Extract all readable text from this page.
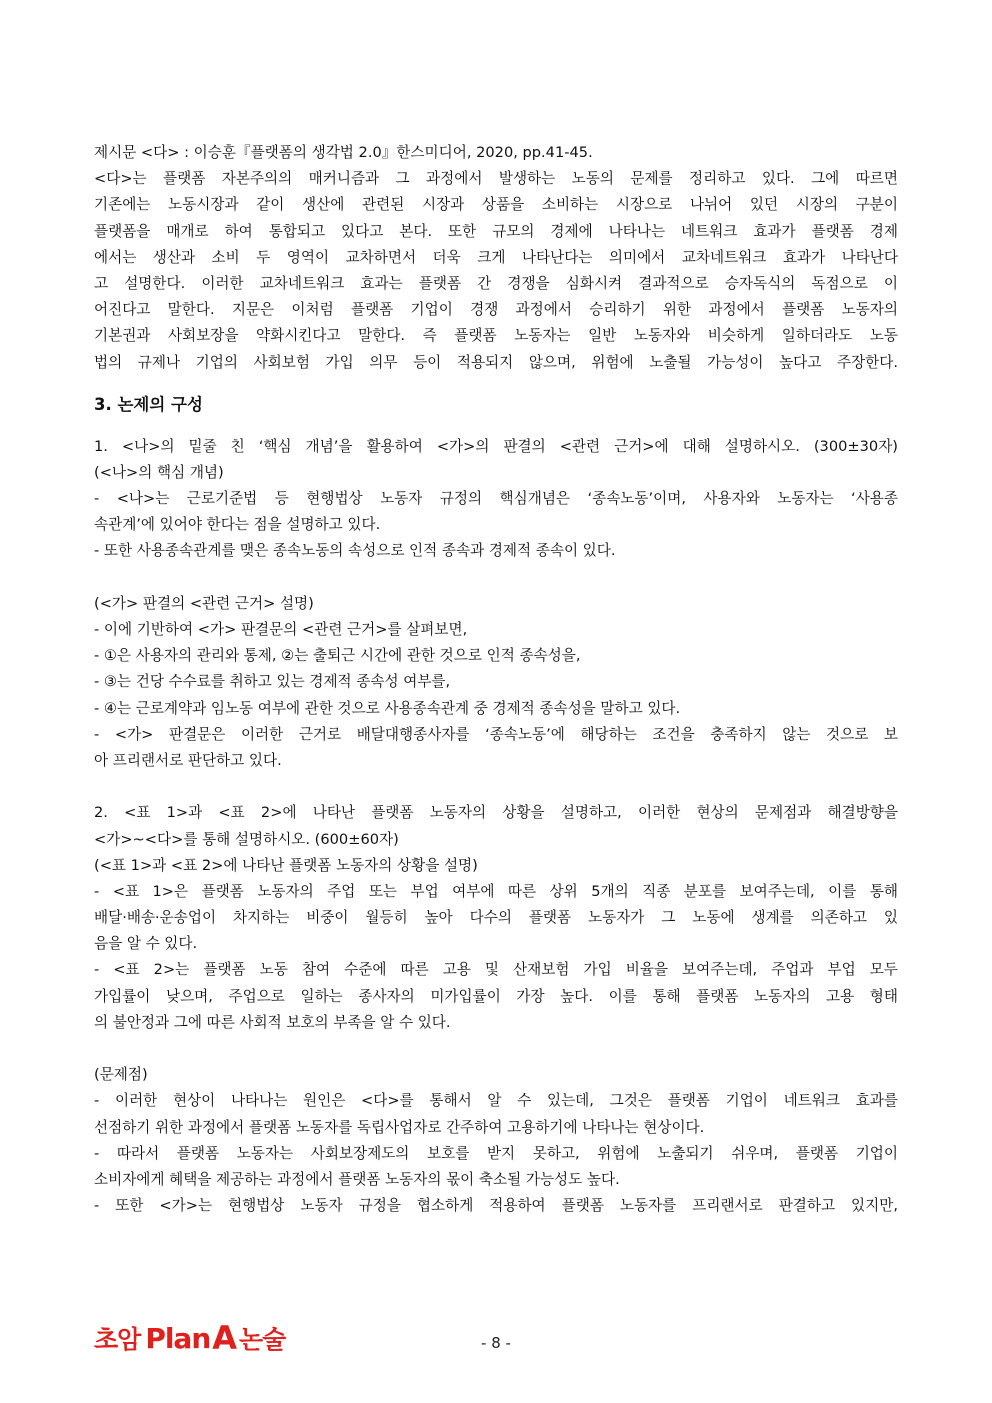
제시문 <다> : 이승훈『플랫폼의 생각법 2.0』한스미디어, 2020, pp.41-45.
<다>는 플랫폼 자본주의의 매커니즘과 그 과정에서 발생하는 노동의 문제를 정리하고 있다. 그에 따르면
기존에는 노동시장과 같이 생산에 관련된 시장과 상품을 소비하는 시장으로 나뉘어 있던 시장의 구분이
플랫폼을 매개로 하여 통합되고 있다고 본다. 또한 규모의 경제에 나타나는 네트워크 효과가 플랫폼 경제
에서는 생산과 소비 두 영역이 교차하면서 더욱 크게 나타난다는 의미에서 교차네트워크 효과가 나타난다
고 설명한다. 이러한 교차네트워크 효과는 플랫폼 간 경쟁을 심화시켜 결과적으로 승자독식의 독점으로 이
어진다고 말한다. 지문은 이처럼 플랫폼 기업이 경쟁 과정에서 승리하기 위한 과정에서 플랫폼 노동자의
기본권과 사회보장을 약화시킨다고 말한다. 즉 플랫폼 노동자는 일반 노동자와 비슷하게 일하더라도 노동
법의 규제나 기업의 사회보험 가입 의무 등이 적용되지 않으며, 위험에 노출될 가능성이 높다고 주장한다.
3. 논제의 구성
1. <나>의 밑줄 친 ‘핵심 개념’을 활용하여 <가>의 판결의 <관련 근거>에 대해 설명하시오. (300±30자)
(<나>의 핵심 개념)
- <나>는 근로기준법 등 현행법상 노동자 규정의 핵심개념은 ‘종속노동’이며, 사용자와 노동자는 ‘사용종
속관계’에 있어야 한다는 점을 설명하고 있다.
- 또한 사용종속관계를 맺은 종속노동의 속성으로 인적 종속과 경제적 종속이 있다.
(<가> 판결의 <관련 근거> 설명)
- 이에 기반하여 <가> 판결문의 <관련 근거>를 살펴보면,
- ①은 사용자의 관리와 통제, ②는 출퇴근 시간에 관한 것으로 인적 종속성을,
- ③는 건당 수수료를 취하고 있는 경제적 종속성 여부를,
- ④는 근로계약과 임노동 여부에 관한 것으로 사용종속관계 중 경제적 종속성을 말하고 있다.
- <가> 판결문은 이러한 근거로 배달대행종사자를 ‘종속노동’에 해당하는 조건을 충족하지 않는 것으로 보
아 프리랜서로 판단하고 있다.
2. <표 1>과 <표 2>에 나타난 플랫폼 노동자의 상황을 설명하고, 이러한 현상의 문제점과 해결방향을
<가>~<다>를 통해 설명하시오. (600±60자)
(<표 1>과 <표 2>에 나타난 플랫폼 노동자의 상황을 설명)
- <표 1>은 플랫폼 노동자의 주업 또는 부업 여부에 따른 상위 5개의 직종 분포를 보여주는데, 이를 통해
배달·배송·운송업이 차지하는 비중이 월등히 높아 다수의 플랫폼 노동자가 그 노동에 생계를 의존하고 있
음을 알 수 있다.
- <표 2>는 플랫폼 노동 참여 수준에 따른 고용 및 산재보험 가입 비율을 보여주는데, 주업과 부업 모두
가입률이 낮으며, 주업으로 일하는 종사자의 미가입률이 가장 높다. 이를 통해 플랫폼 노동자의 고용 형태
의 불안정과 그에 따른 사회적 보호의 부족을 알 수 있다.
(문제점)
- 이러한 현상이 나타나는 원인은 <다>를 통해서 알 수 있는데, 그것은 플랫폼 기업이 네트워크 효과를
선점하기 위한 과정에서 플랫폼 노동자를 독립사업자로 간주하여 고용하기에 나타나는 현상이다.
- 따라서 플랫폼 노동자는 사회보장제도의 보호를 받지 못하고, 위험에 노출되기 쉬우며, 플랫폼 기업이
소비자에게 혜택을 제공하는 과정에서 플랫폼 노동자의 몫이 축소될 가능성도 높다.
- 또한 <가>는 현행법상 노동자 규정을 협소하게 적용하여 플랫폼 노동자를 프리랜서로 판결하고 있지만,
초암 Plan A 논술	- 8 -
